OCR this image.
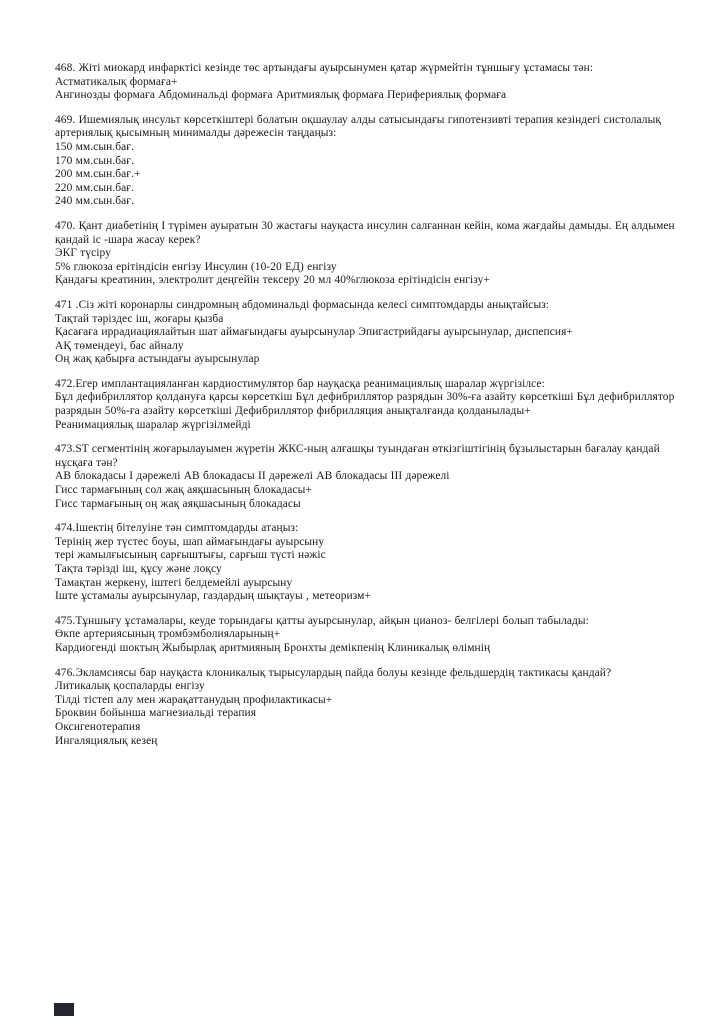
468. Жіті миокард инфарктісі кезінде төс артындағы ауырсынумен қатар жүрмейтін тұншығу ұстамасы тән:

Астматикалық формаға+

Ангинозды формаға Абдоминальді формаға Аритмиялық формаға Перифериялық формаға

469. Ишемиялық инсульт көрсеткіштері болатын оқшаулау алды сатысындағы гипотензивті терапия кезіндегі систолалық артериялық қысымның минималды дәрежесін таңдаңыз:

150 мм.сын.бағ.

170 мм.сын.бағ.

200 мм.сын.бағ.+

220 мм.сын.бағ.

240 мм.сын.бағ.

470. Қант диабетінің I түрімен ауыратын 30 жастағы науқаста инсулин салғаннан кейін, кома жағдайы дамыды. Ең алдымен қандай іс -шара жасау керек?

ЭКГ түсіру

5% глюкоза ерітіндісін енгізу Инсулин (10-20 ЕД) енгізу

Қандағы креатинин, электролит деңгейін тексеру 20 мл 40%глюкоза ерітіндісін енгізу+

471 .Сіз жіті коронарлы синдромның абдоминальді формасында келесі симптомдарды анықтайсыз:

Тақтай тәріздес іш, жоғары қызба

Қасағаға иррадиациялайтын шат аймағындағы ауырсынулар Эпигастрийдағы ауырсынулар, диспепсия+

АҚ төмендеуі, бас айналу

Оң жақ қабырға астындағы ауырсынулар

472.Егер имплантацияланған кардиостимулятор бар науқасқа реанимациялық шаралар жүргізілсе:

Бұл дефибриллятор қолдануға қарсы көрсеткіш Бұл дефибриллятор разрядын 30%-ға азайту көрсеткіші Бұл дефибриллятор разрядын 50%-ға азайту көрсеткіші Дефибриллятор фибрилляция анықталғанда қолданылады+

Реанимациялық шаралар жүргізілмейді

473.ST сегментінің жоғарылауымен жүретін ЖКС-ның алғашқы туындаған өткізгіштігінің бұзылыстарын бағалау қандай нұсқаға тән?

АВ блокадасы I дәрежелі АВ блокадасы II дәрежелі АВ блокадасы III дәрежелі

Гисс тармағының сол жақ аяқшасының блокадасы+

Гисс тармағының оң жақ аяқшасының блокадасы

474.Ішектің бітелуіне тән симптомдарды атаңыз:

Терінің жер түстес боуы, шап аймағындағы ауырсыну

тері жамылғысының сарғыштығы, сарғыш түсті нәжіс

Тақта тәрізді іш, құсу және лоқсу

Тамақтан жеркену, іштегі белдемейлі ауырсыну

Іште ұстамалы ауырсынулар, газдардың шықтауы , метеоризм+

475.Тұншығу ұстамалары, кеуде торындағы қатты ауырсынулар, айқын цианоз- белгілері болып табылады:

Өкпе артериясының тромбэмболияларының+

Кардиогенді шоктың Жыбырлақ аритмияның Бронхты демікпенің Клиникалық өлімнің

476.Экламсиясы бар науқаста клоникалық тырысулардың пайда болуы кезінде фельдшердің тактикасы қандай?

Литикалық қоспаларды енгізу

Тілді тістеп алу мен жарақаттанудың профилактикасы+

Броквин бойынша магнезиальді терапия

Оксигенотерапия

Ингаляциялық кезең
